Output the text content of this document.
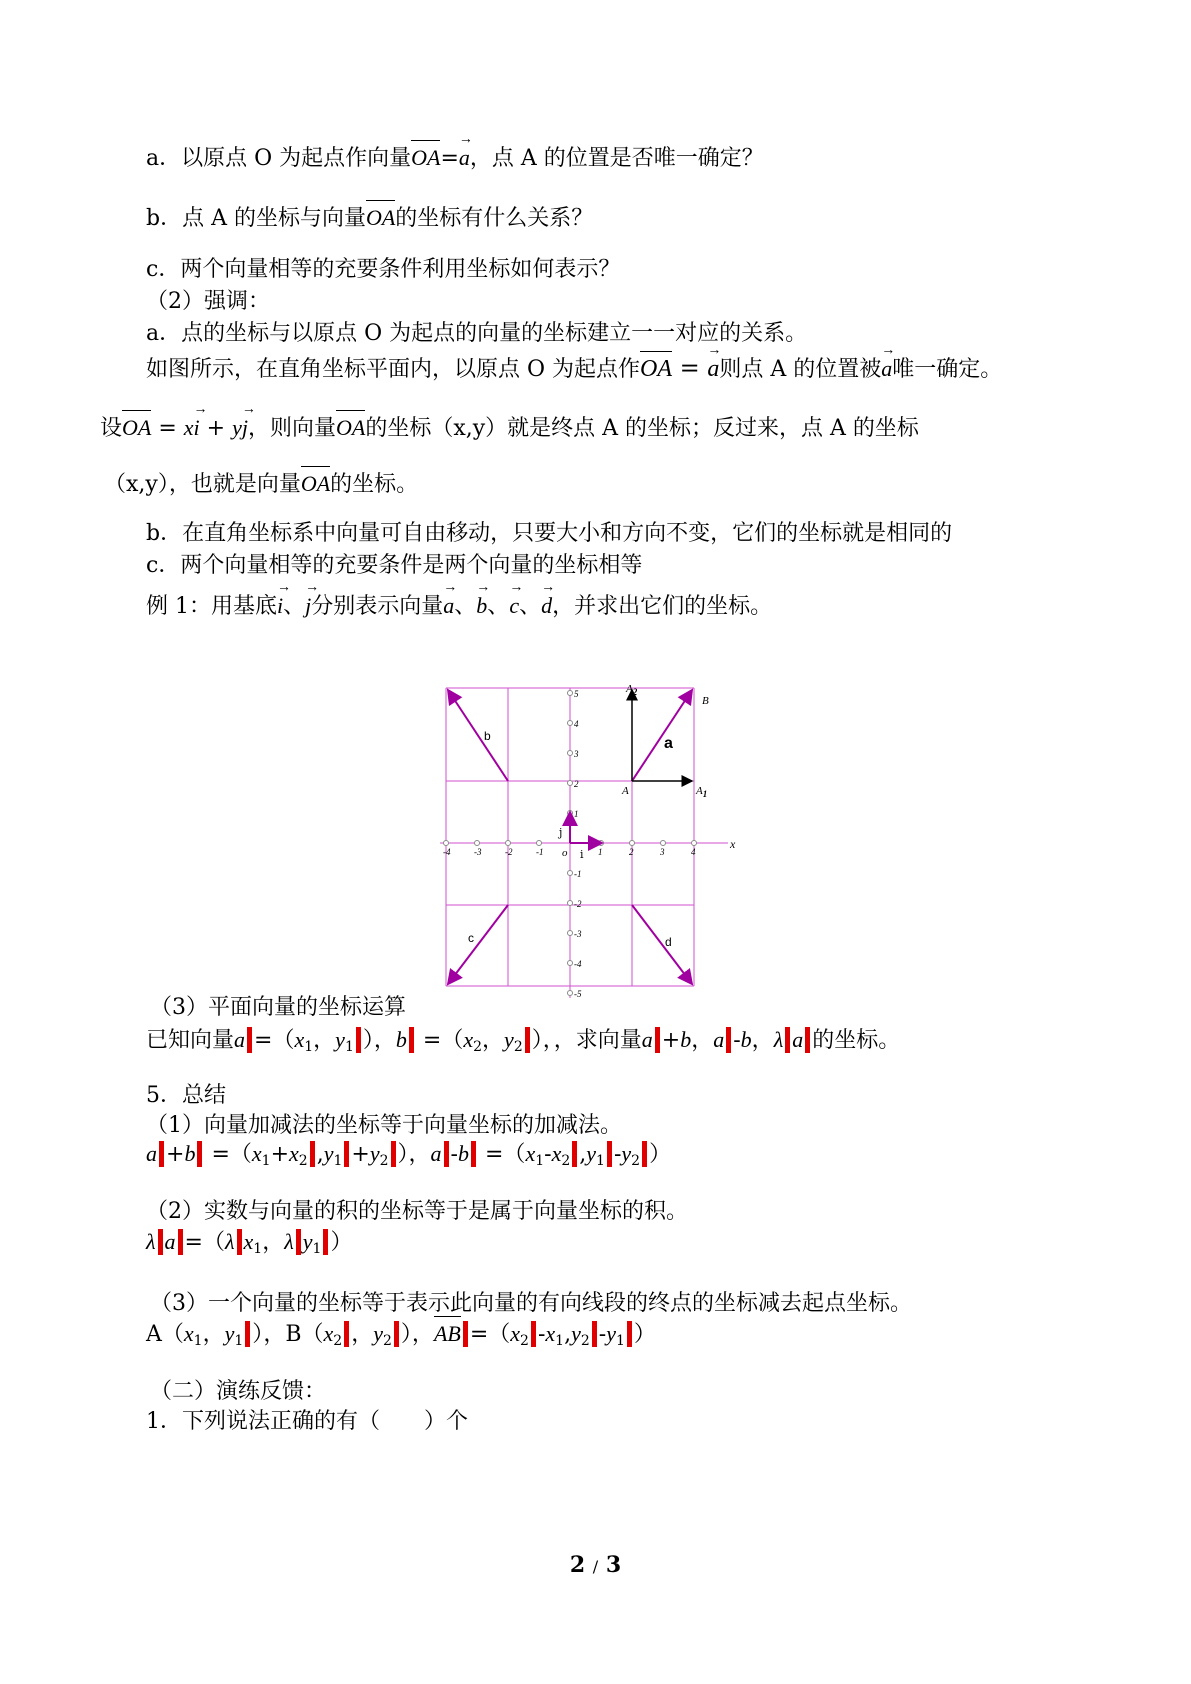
a．以原点 O 为起点作向量
OA=
→
a，点 A 的位置是否唯一确定？
b．点 A 的坐标与向量
OA的坐标有什么关系？
c．两个向量相等的充要条件利用坐标如何表示？
（2）强调：
a．点的坐标与以原点 O 为起点的向量的坐标建立一一对应的关系。
如图所示，在直角坐标平面内，以原点 O 为起点作
OA =
→
a则点 A 的位置被
→
a唯一确定。
设
OA = x
→
i + y
→
j，则向量
OA的坐标（x,y）就是终点 A 的坐标；反过来，点 A 的坐标
（x,y），也就是向量
OA的坐标。
b．在直角坐标系中向量可自由移动，只要大小和方向不变，它们的坐标就是相同的
c．两个向量相等的充要条件是两个向量的坐标相等
例 1：用基底
→
i、
→
j分别表示向量
→
a、
→
b、
→
c、
→
d，并求出它们的坐标。
x
o
-4	-3	-2	-1	1	2	3	4
5
4
3
2
1
-1
-2
-3
-4
-5
i
j
b	a
A	$A_1$
$A_2$
B
c	d
（3）平面向量的坐标运算
已知向量$a =(x_1$，$y_1$ ），$b =(x_2$，$y_2$ ），，求向量a +b，a -b，λ a 的坐标。
5．总结
（1）向量加减法的坐标等于向量坐标的加减法。
$a +b =(x_1+x_2$ $,y_1 +y_2$ ），a $-b =(x_1-x_2$ $,y_1$ $-y_2$ ）
（2）实数与向量的积的坐标等于是属于向量坐标的积。
λ a =（λ $x_1$，λ $y_1$ ）
（3）一个向量的坐标等于表示此向量的有向线段的终点的坐标减去起点坐标。
$A(x_1$，$y_1$ ），$B(x_2$ ，$y_2$ ），
AB $=(x_2$ $-x_1,y_2$ $-y_1$ ）
（二）演练反馈：
1．下列说法正确的有（　　）个
2 / 3
